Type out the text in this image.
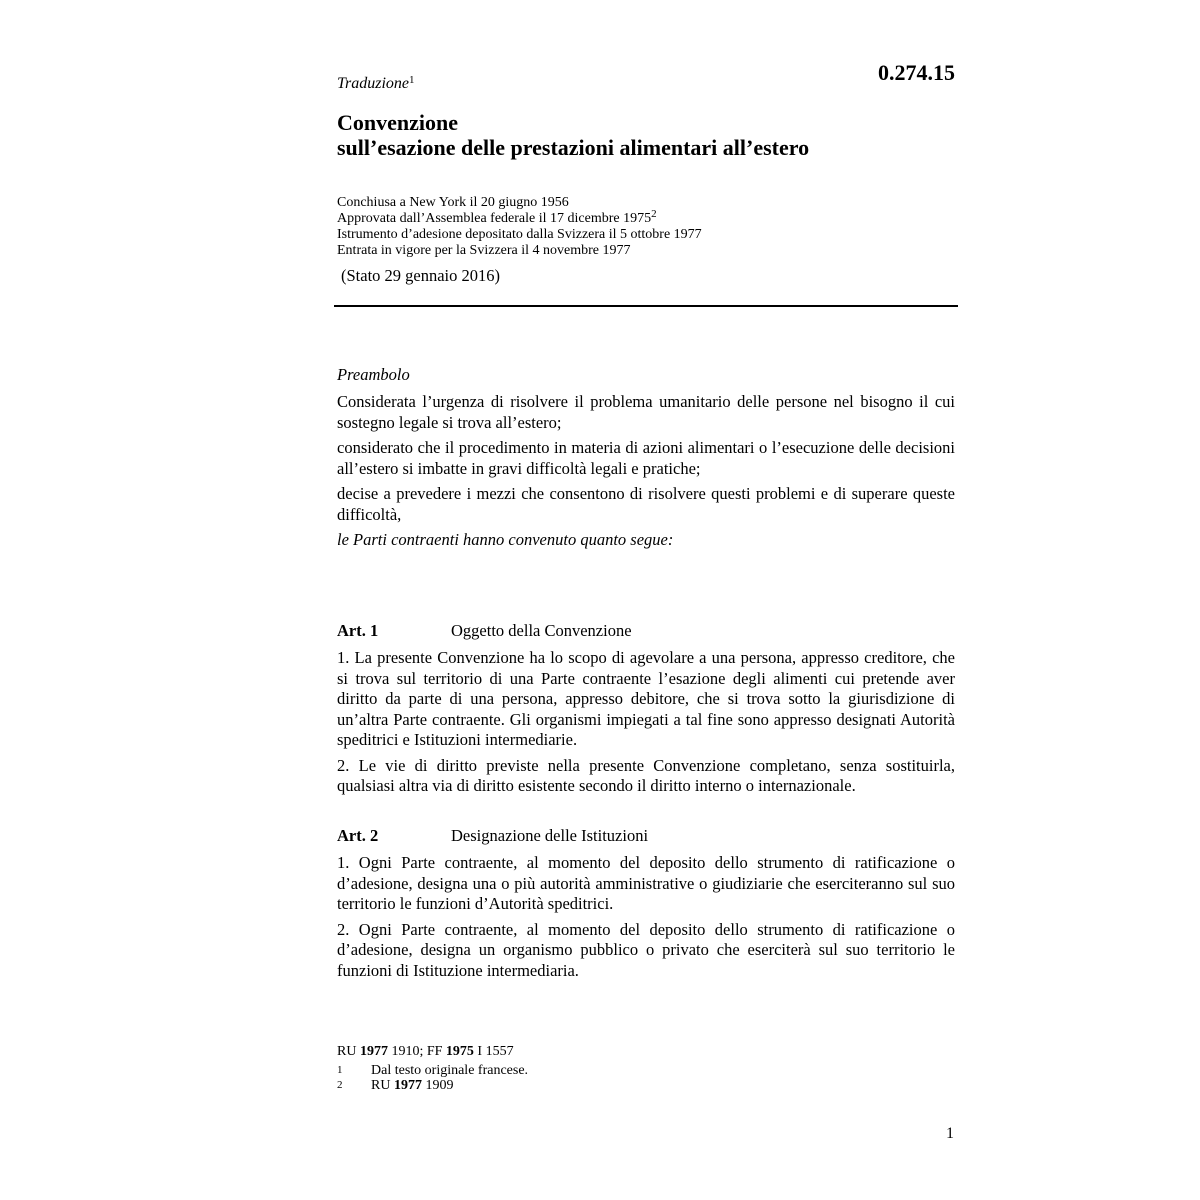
0.274.15
Traduzione$^1$
Convenzione
sull’esazione delle prestazioni alimentari all’estero
Conchiusa a New York il 20 giugno 1956
Approvata dall’Assemblea federale il 17 dicembre 1975$^2$
Istrumento d’adesione depositato dalla Svizzera il 5 ottobre 1977
Entrata in vigore per la Svizzera il 4 novembre 1977
(Stato 29 gennaio 2016)
Preambolo

Considerata l’urgenza di risolvere il problema umanitario delle persone nel bisogno il cui sostegno legale si trova all’estero;

considerato che il procedimento in materia di azioni alimentari o l’esecuzione delle decisioni all’estero si imbatte in gravi difficoltà legali e pratiche;

decise a prevedere i mezzi che consentono di risolvere questi problemi e di superare queste difficoltà,

le Parti contraenti hanno convenuto quanto segue:

Art. 1	Oggetto della Convenzione

1. La presente Convenzione ha lo scopo di agevolare a una persona, appresso creditore, che si trova sul territorio di una Parte contraente l’esazione degli alimenti cui pretende aver diritto da parte di una persona, appresso debitore, che si trova sotto la giurisdizione di un’altra Parte contraente. Gli organismi impiegati a tal fine sono appresso designati Autorità speditrici e Istituzioni intermediarie.

2. Le vie di diritto previste nella presente Convenzione completano, senza sostituirla, qualsiasi altra via di diritto esistente secondo il diritto interno o internazionale.

Art. 2	Designazione delle Istituzioni

1. Ogni Parte contraente, al momento del deposito dello strumento di ratificazione o d’adesione, designa una o più autorità amministrative o giudiziarie che eserciteranno sul suo territorio le funzioni d’Autorità speditrici.

2. Ogni Parte contraente, al momento del deposito dello strumento di ratificazione o d’adesione, designa un organismo pubblico o privato che eserciterà sul suo territorio le funzioni di Istituzione intermediaria.

RU 1977 1910; FF 1975 I 1557
1	Dal testo originale francese.
2	RU 1977 1909
1
